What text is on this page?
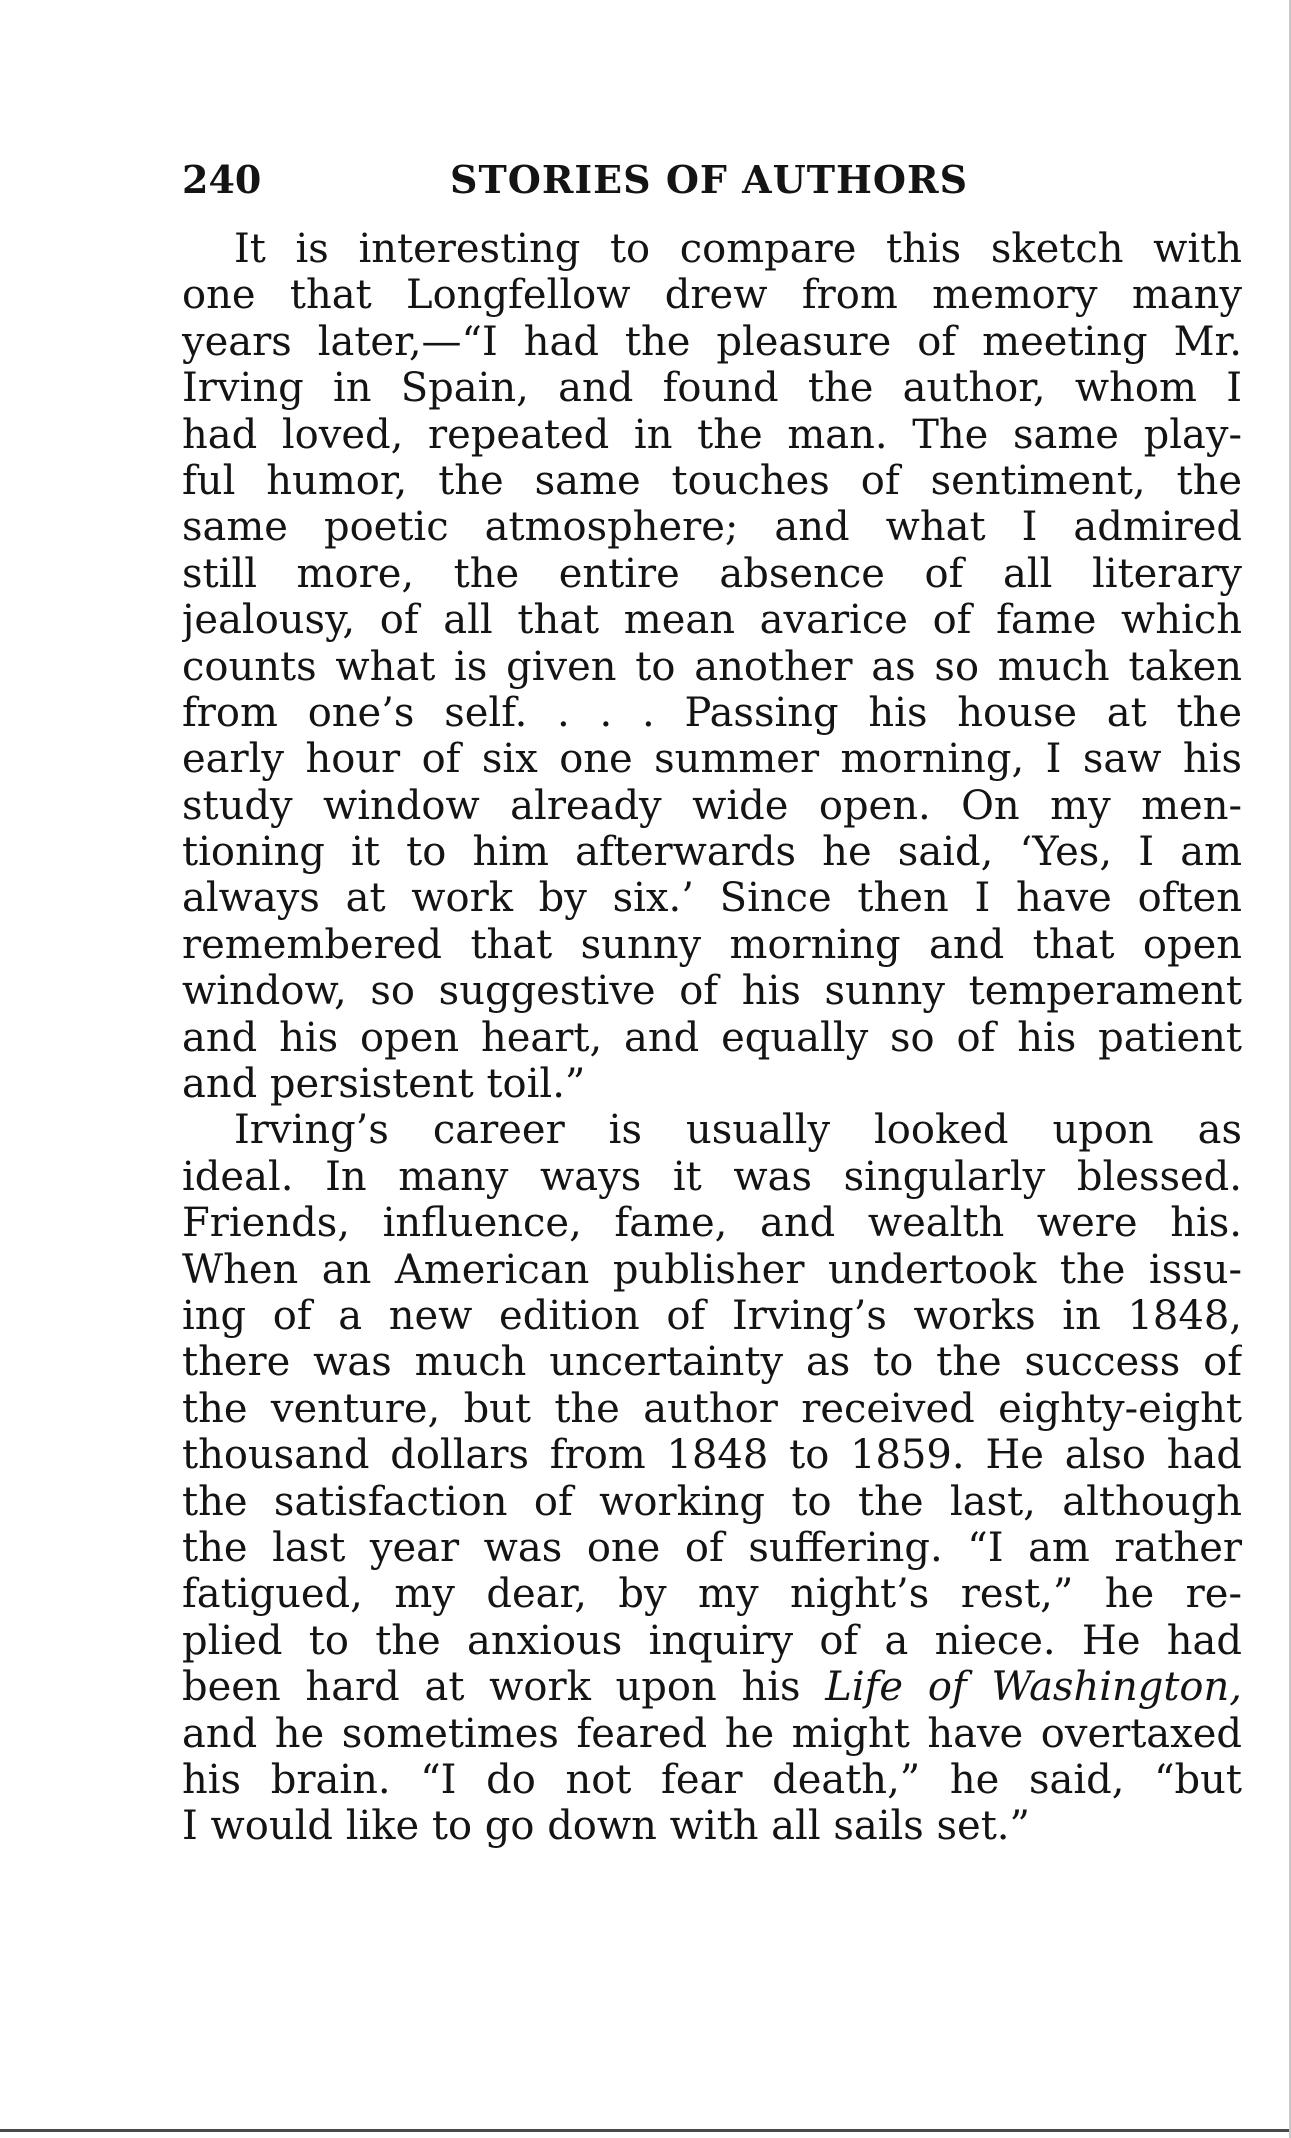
240	STORIES OF AUTHORS
It is interesting to compare this sketch with
one that Longfellow drew from memory many
years later,—“I had the pleasure of meeting Mr.
Irving in Spain, and found the author, whom I
had loved, repeated in the man. The same play-
ful humor, the same touches of sentiment, the
same poetic atmosphere; and what I admired
still more, the entire absence of all literary
jealousy, of all that mean avarice of fame which
counts what is given to another as so much taken
from one’s self. . . . Passing his house at the
early hour of six one summer morning, I saw his
study window already wide open. On my men-
tioning it to him afterwards he said, ‘Yes, I am
always at work by six.’ Since then I have often
remembered that sunny morning and that open
window, so suggestive of his sunny temperament
and his open heart, and equally so of his patient
and persistent toil.”
Irving’s career is usually looked upon as
ideal. In many ways it was singularly blessed.
Friends, influence, fame, and wealth were his.
When an American publisher undertook the issu-
ing of a new edition of Irving’s works in 1848,
there was much uncertainty as to the success of
the venture, but the author received eighty-eight
thousand dollars from 1848 to 1859. He also had
the satisfaction of working to the last, although
the last year was one of suffering. “I am rather
fatigued, my dear, by my night’s rest,” he re-
plied to the anxious inquiry of a niece. He had
been hard at work upon his Life of Washington,
and he sometimes feared he might have overtaxed
his brain. “I do not fear death,” he said, “but
I would like to go down with all sails set.”
